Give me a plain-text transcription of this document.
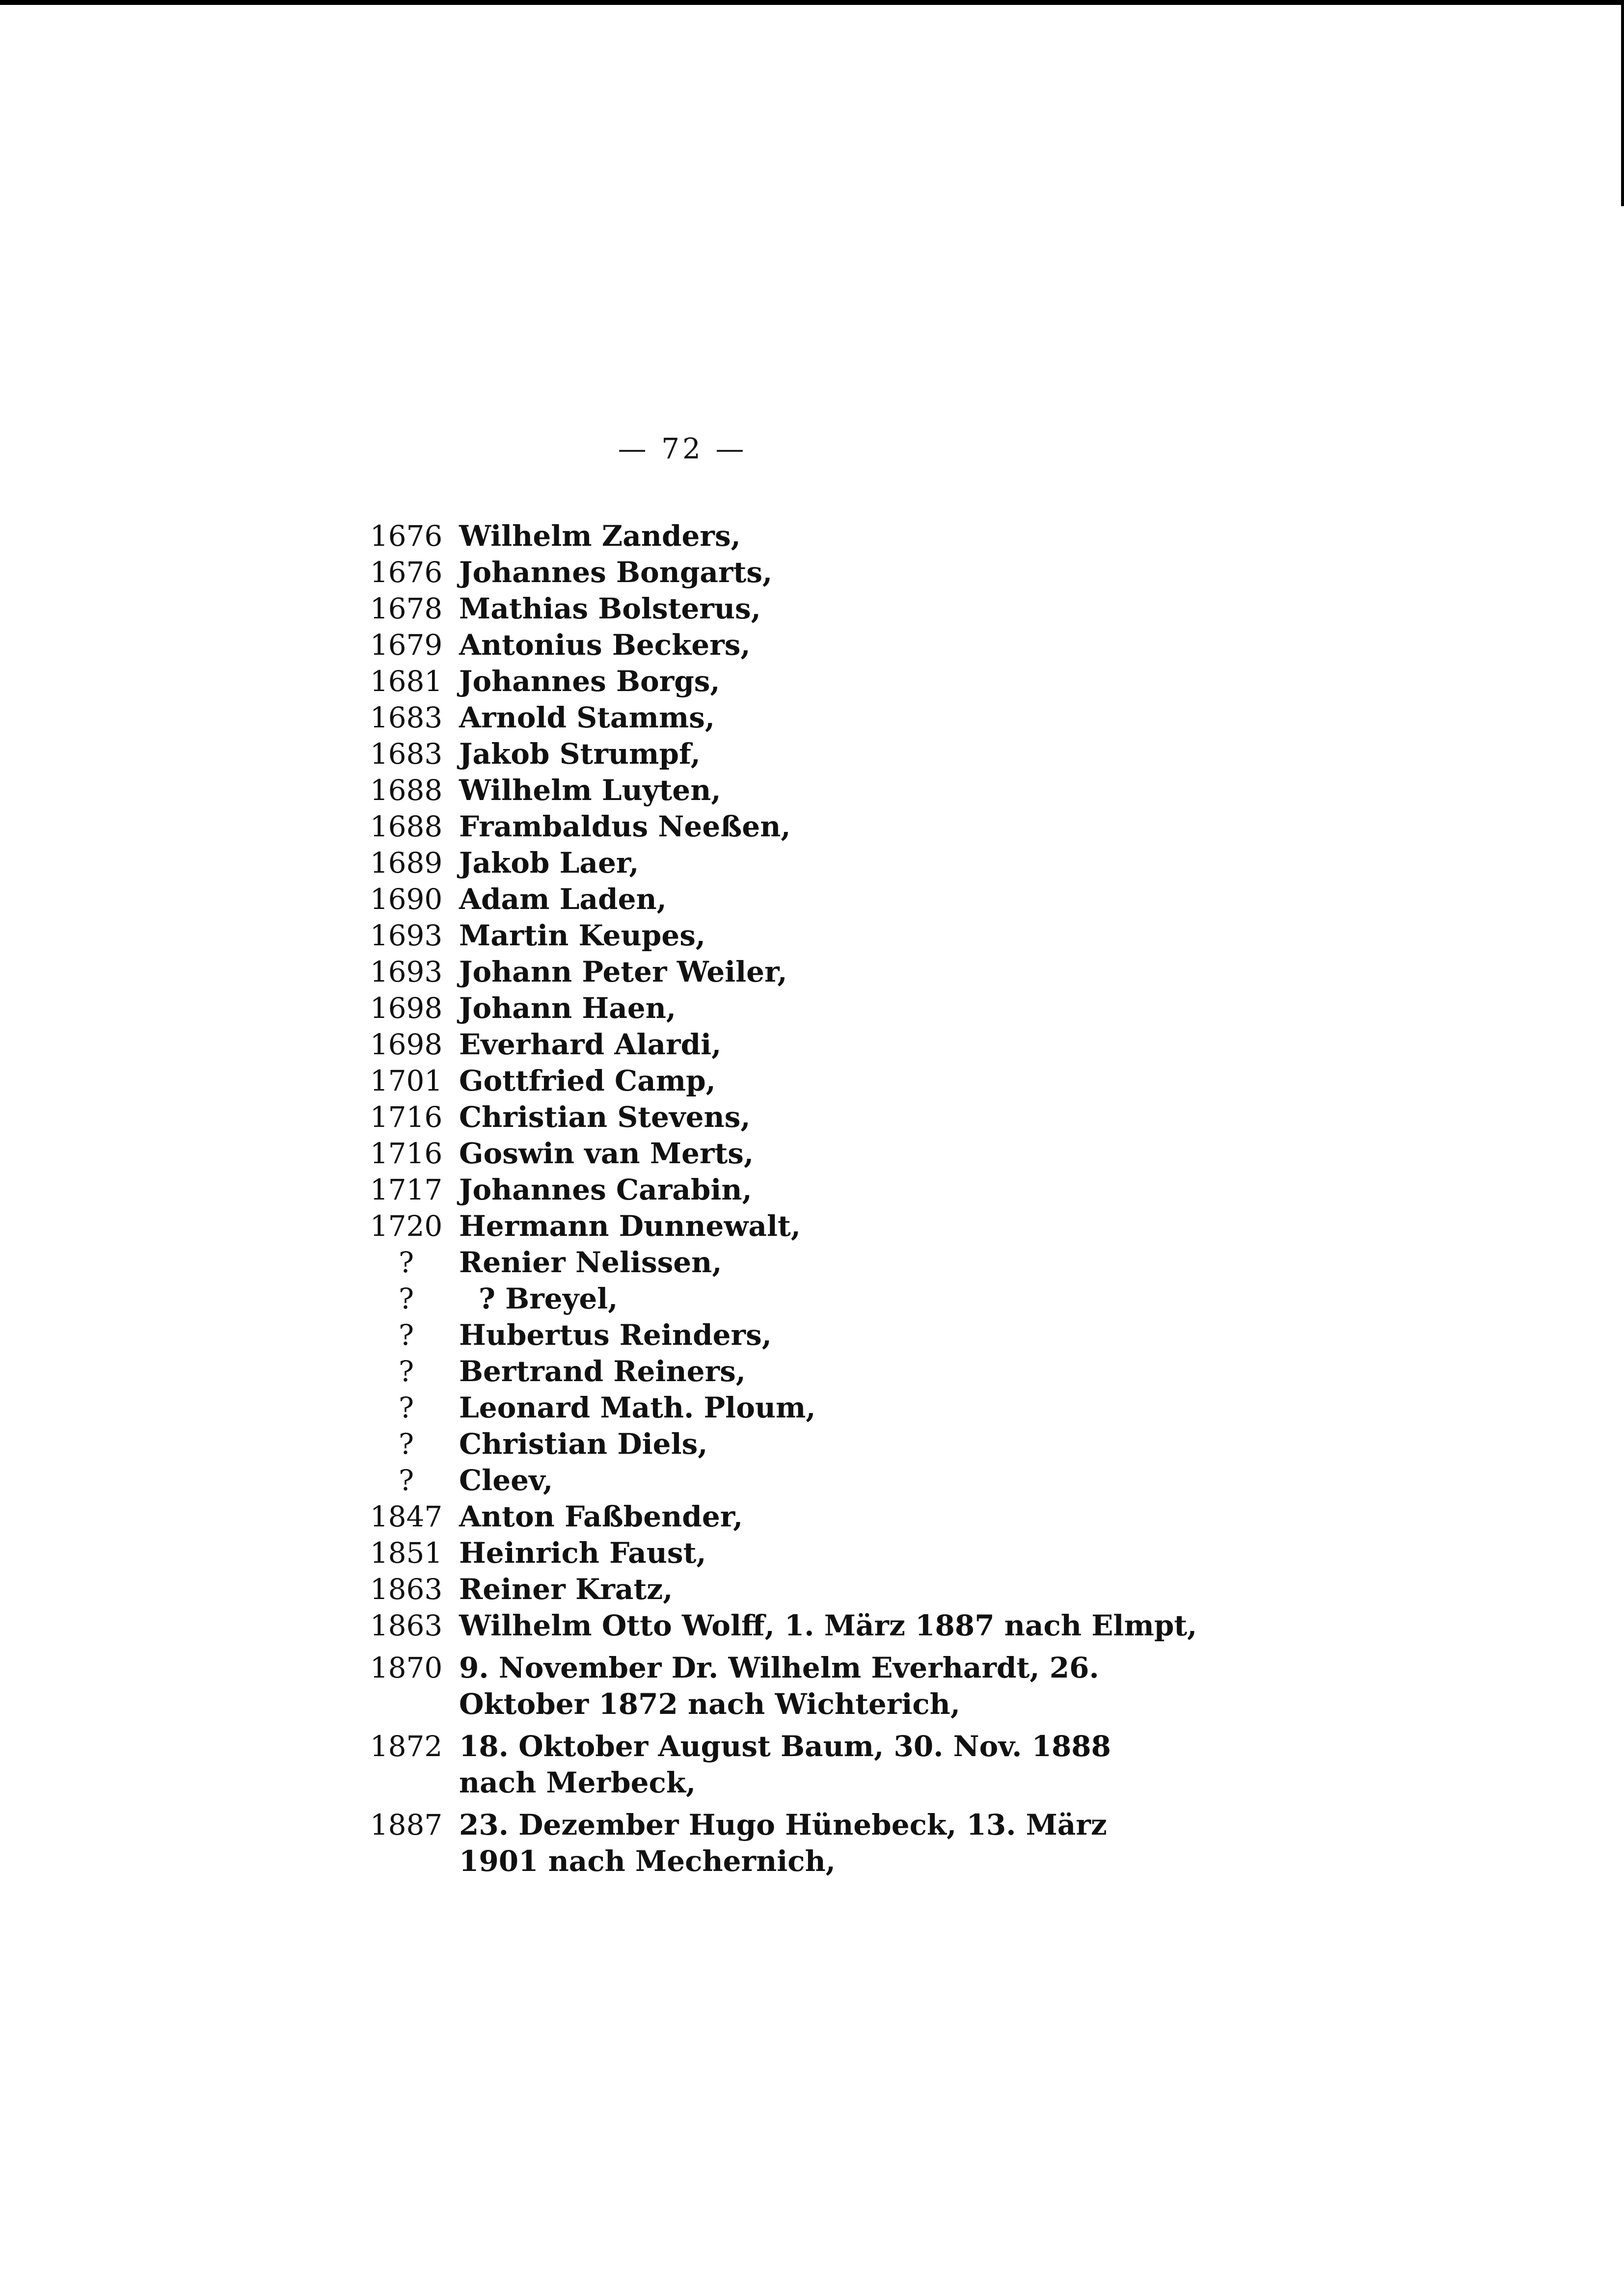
— 72 —
1676 Wilhelm Zanders,
1676 Johannes Bongarts,
1678 Mathias Bolsterus,
1679 Antonius Beckers,
1681 Johannes Borgs,
1683 Arnold Stamms,
1683 Jakob Strumpf,
1688 Wilhelm Luyten,
1688 Frambaldus Neeßen,
1689 Jakob Laer,
1690 Adam Laden,
1693 Martin Keupes,
1693 Johann Peter Weiler,
1698 Johann Haen,
1698 Everhard Alardi,
1701 Gottfried Camp,
1716 Christian Stevens,
1716 Goswin van Merts,
1717 Johannes Carabin,
1720 Hermann Dunnewalt,
?	Renier Nelissen,
?	? Breyel,
?	Hubertus Reinders,
?	Bertrand Reiners,
?	Leonard Math. Ploum,
?	Christian Diels,
?	Cleev,
1847 Anton Faßbender,
1851 Heinrich Faust,
1863 Reiner Kratz,
1863 Wilhelm Otto Wolff, 1. März 1887 nach Elmpt,
1870 9. November Dr. Wilhelm Everhardt, 26. Oktober 1872 nach Wichterich,
1872 18. Oktober August Baum, 30. Nov. 1888 nach Merbeck,
1887 23. Dezember Hugo Hünebeck, 13. März 1901 nach Mechernich,
